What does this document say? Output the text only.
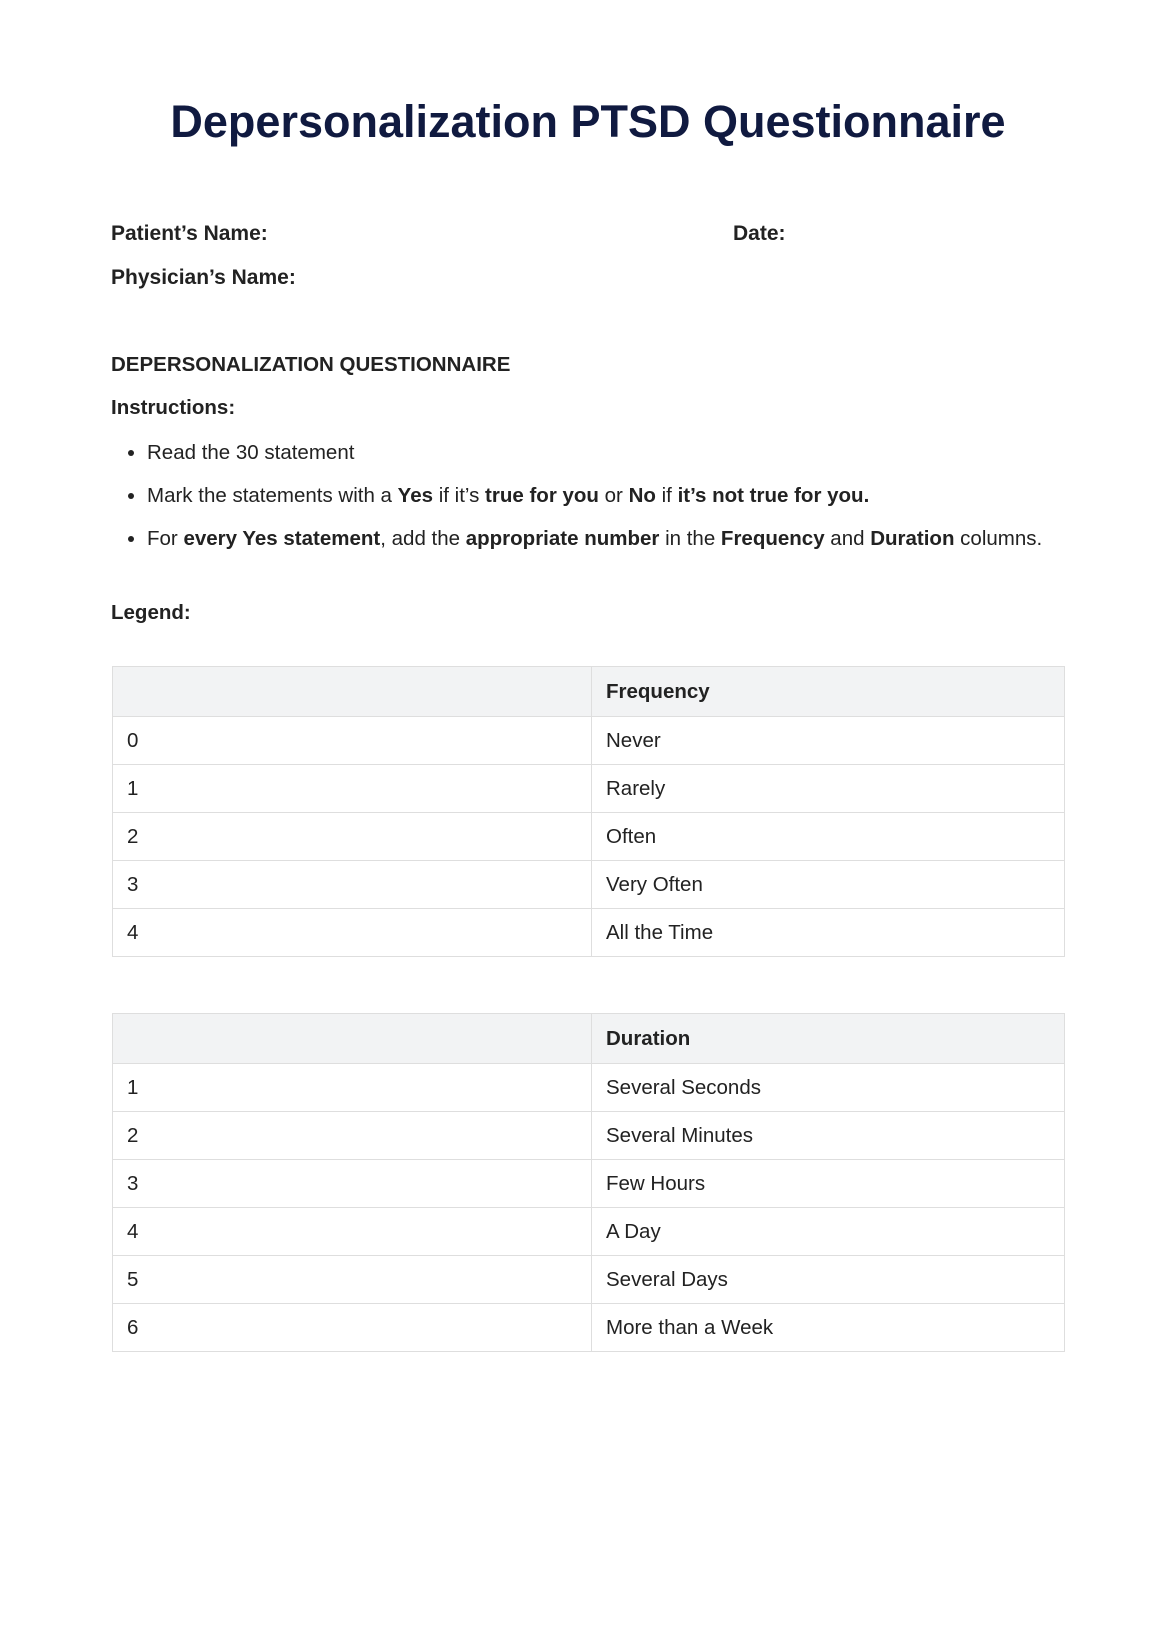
Depersonalization PTSD Questionnaire
Patient’s Name:	Date:
Physician’s Name:
DEPERSONALIZATION QUESTIONNAIRE
Instructions:
• Read the 30 statement
• Mark the statements with a Yes if it’s true for you or No if it’s not true for you.
• For every Yes statement, add the appropriate number in the Frequency and Duration columns.
Legend:
	Frequency
0	Never
1	Rarely
2	Often
3	Very Often
4	All the Time
	Duration
1	Several Seconds
2	Several Minutes
3	Few Hours
4	A Day
5	Several Days
6	More than a Week
